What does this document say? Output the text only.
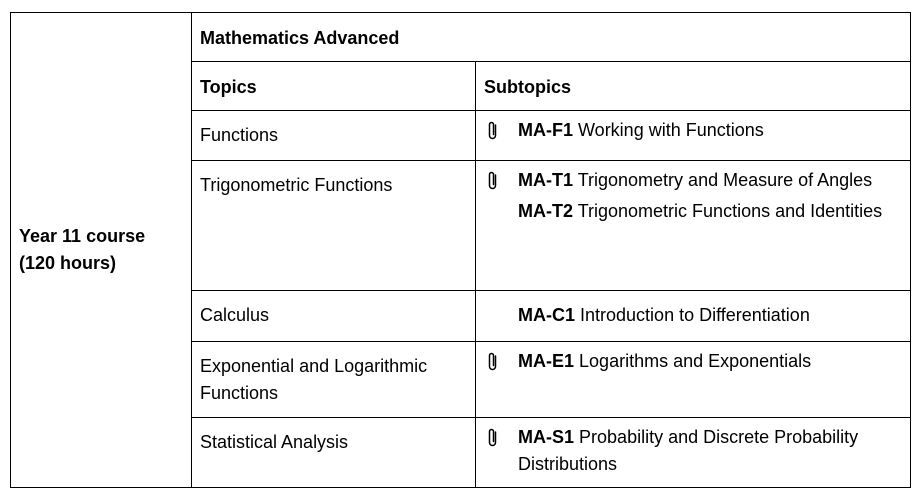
Year 11 course
(120 hours)	Mathematics Advanced	
	Topics	Subtopics
	Functions	MA-F1 Working with Functions

	Trigonometric Functions	MA-T1 Trigonometry and Measure of Angles
MA-T2 Trigonometric Functions and Identities

	Calculus	MA-C1 Introduction to Differentiation

	Exponential and Logarithmic Functions	MA-E1 Logarithms and Exponentials

	Statistical Analysis	MA-S1 Probability and Discrete Probability Distributions
